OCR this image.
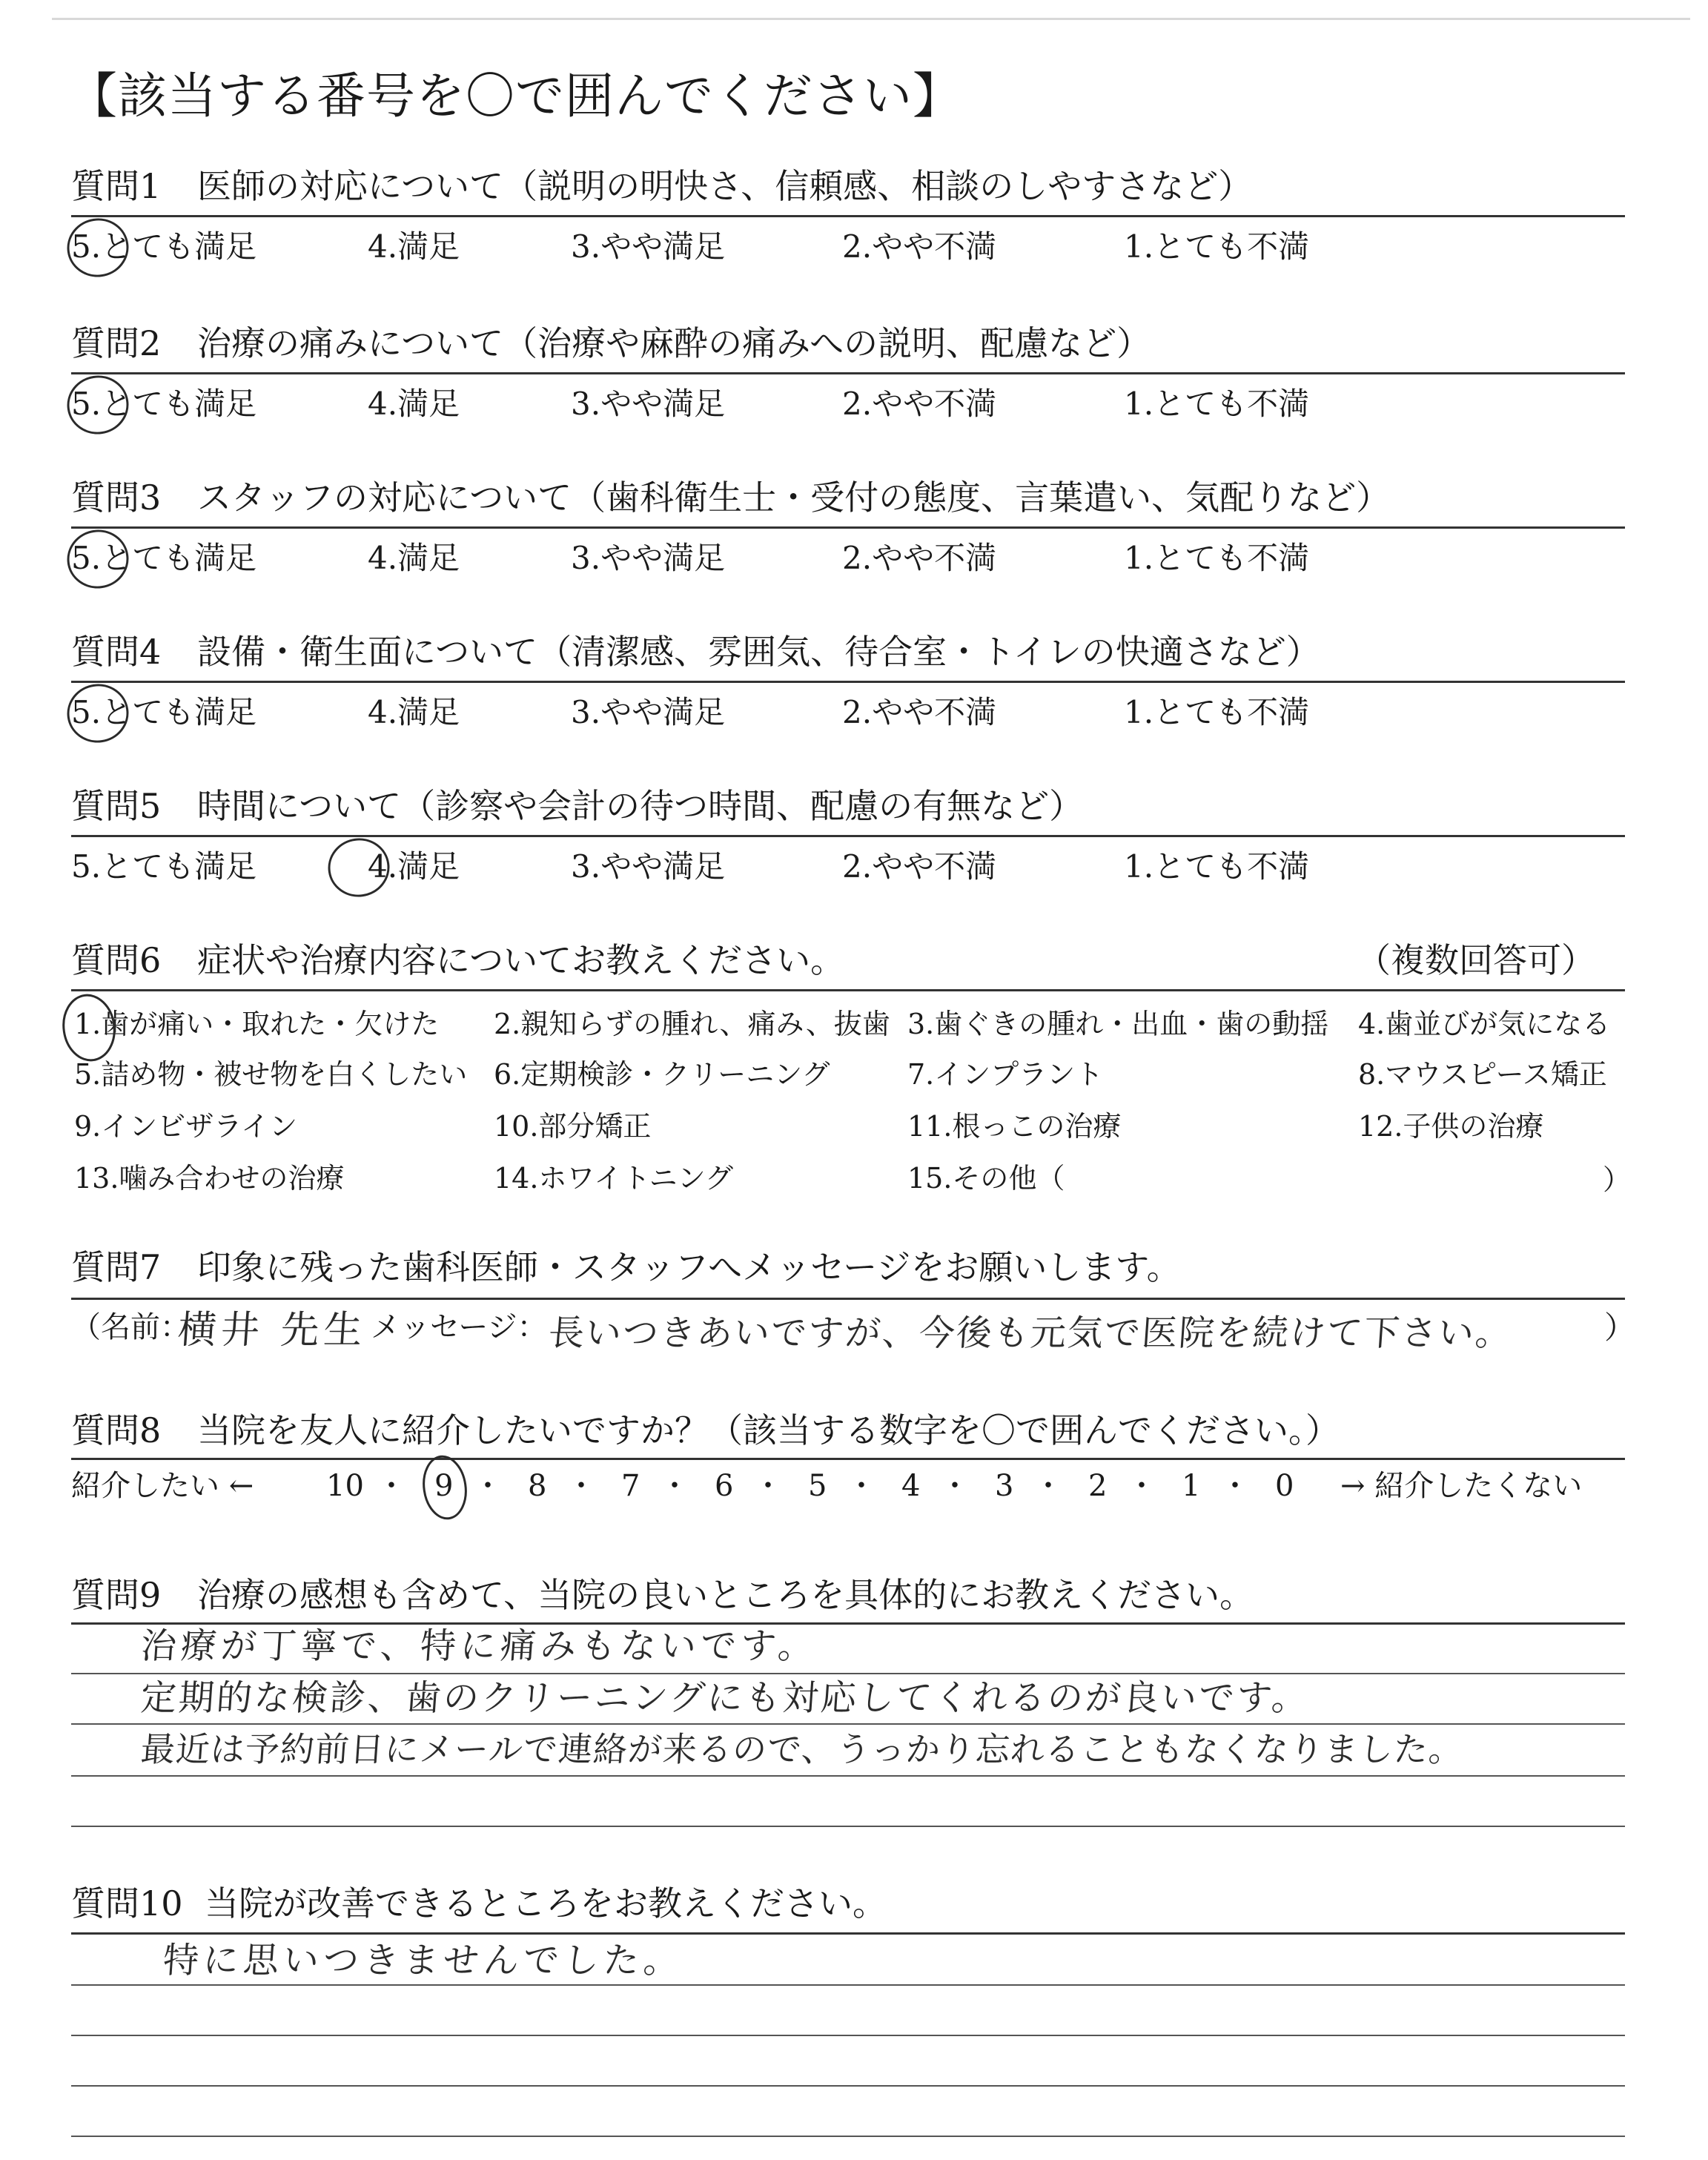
【該当する番号を〇で囲んでください】
質問1 医師の対応について（説明の明快さ、信頼感、相談のしやすさなど）
5.とても満足	4.満足	3.やや満足	2.やや不満	1.とても不満
質問2 治療の痛みについて（治療や麻酔の痛みへの説明、配慮など）
5.とても満足	4.満足	3.やや満足	2.やや不満	1.とても不満
質問3 スタッフの対応について（歯科衛生士・受付の態度、言葉遣い、気配りなど）
5.とても満足	4.満足	3.やや満足	2.やや不満	1.とても不満
質問4 設備・衛生面について（清潔感、雰囲気、待合室・トイレの快適さなど）
5.とても満足	4.満足	3.やや満足	2.やや不満	1.とても不満
質問5 時間について（診察や会計の待つ時間、配慮の有無など）
5.とても満足	4.満足	3.やや満足	2.やや不満	1.とても不満
質問6 症状や治療内容についてお教えください。	（複数回答可）
1.歯が痛い・取れた・欠けた 2.親知らずの腫れ、痛み、抜歯 3.歯ぐきの腫れ・出血・歯の動揺 4.歯並びが気になる
5.詰め物・被せ物を白くしたい 6.定期検診・クリーニング	7.インプラント	8.マウスピース矯正
9.インビザライン	10.部分矯正	11.根っこの治療	12.子供の治療
13.噛み合わせの治療	14.ホワイトニング	15.その他（	）
質問7 印象に残った歯科医師・スタッフへメッセージをお願いします。
（名前：
横井 先生 メッセージ： 長いつきあいですが、今後も元気で医院を続けて下さい。	）
質問8 当院を友人に紹介したいですか？（該当する数字を〇で囲んでください。）
紹介したい ← 10 ・ 9 ・ 8 ・ 7 ・ 6 ・ 5 ・ 4 ・ 3 ・ 2 ・ 1 ・ 0 → 紹介したくない
質問9 治療の感想も含めて、当院の良いところを具体的にお教えください。
治療が丁寧で、特に痛みもないです。
定期的な検診、歯のクリーニングにも対応してくれるのが良いです。
最近は予約前日にメールで連絡が来るので、うっかり忘れることもなくなりました。
質問10 当院が改善できるところをお教えください。
特に思いつきませんでした。
